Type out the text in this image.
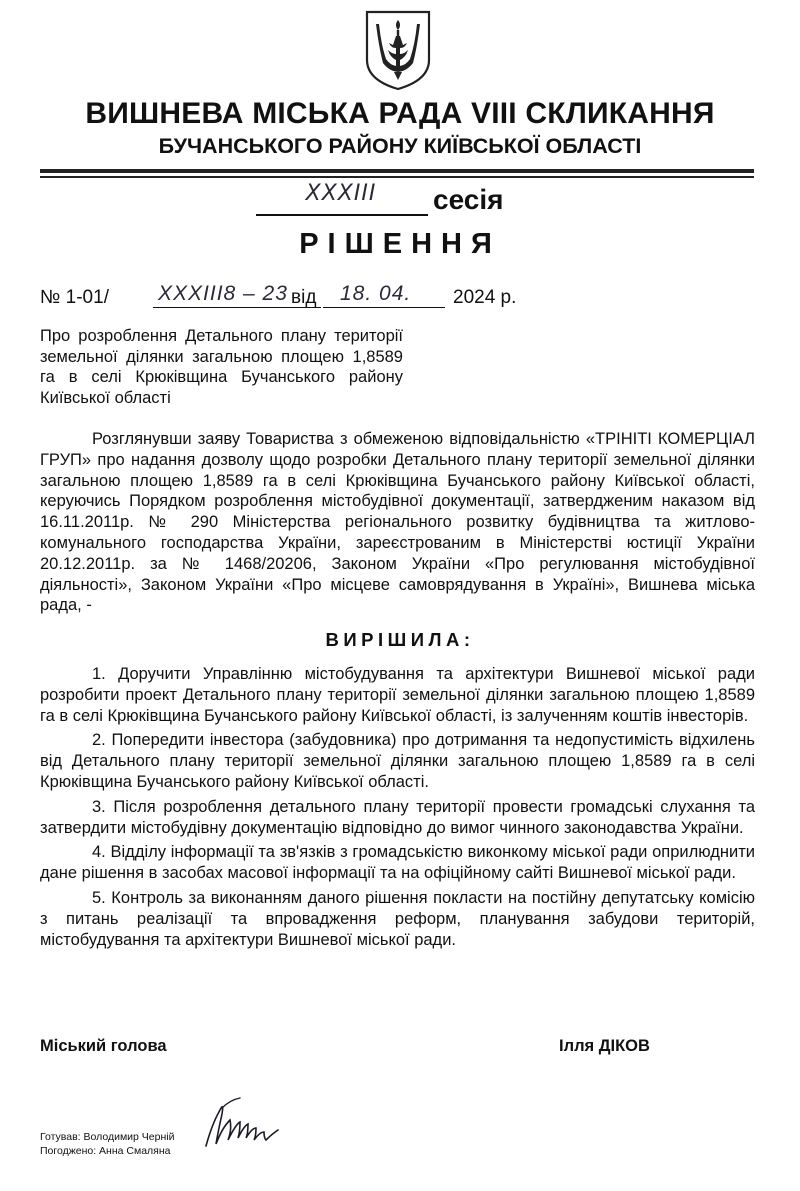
ВИШНЕВА МІСЬКА РАДА VIII СКЛИКАННЯ
БУЧАНСЬКОГО РАЙОНУ КИЇВСЬКОЇ ОБЛАСТІ
XXXIII	сесія
РІШЕННЯ
№ 1-01/ XXXIII8 – 23 від 18. 04. 2024 р.
Про розроблення Детального плану території земельної ділянки загальною площею 1,8589 га в селі Крюківщина Бучанського району Київської області
Розглянувши заяву Товариства з обмеженою відповідальністю «ТРІНІТІ КОМЕРЦІАЛ ГРУП» про надання дозволу щодо розробки Детального плану території земельної ділянки загальною площею 1,8589 га в селі Крюківщина Бучанського району Київської області, керуючись Порядком розроблення містобудівної документації, затвердженим наказом від 16.11.2011р. № 290 Міністерства регіонального розвитку будівництва та житлово-комунального господарства України, зареєстрованим в Міністерстві юстиції України 20.12.2011р. за № 1468/20206, Законом України «Про регулювання містобудівної діяльності», Законом України «Про місцеве самоврядування в Україні», Вишнева міська рада, -
ВИРІШИЛА:

1. Доручити Управлінню містобудування та архітектури Вишневої міської ради розробити проект Детального плану території земельної ділянки загальною площею 1,8589 га в селі Крюківщина Бучанського району Київської області, із залученням коштів інвесторів.

2. Попередити інвестора (забудовника) про дотримання та недопустимість відхилень від Детального плану території земельної ділянки загальною площею 1,8589 га в селі Крюківщина Бучанського району Київської області.

3. Після розроблення детального плану території провести громадські слухання та затвердити містобудівну документацію відповідно до вимог чинного законодавства України.

4. Відділу інформації та зв'язків з громадськістю виконкому міської ради оприлюднити дане рішення в засобах масової інформації та на офіційному сайті Вишневої міської ради.

5. Контроль за виконанням даного рішення покласти на постійну депутатську комісію з питань реалізації та впровадження реформ, планування забудови територій, містобудування та архітектури Вишневої міської ради.

Міський голова	Ілля ДІКОВ
Готував: Володимир Черній
Погоджено: Анна Смаляна
